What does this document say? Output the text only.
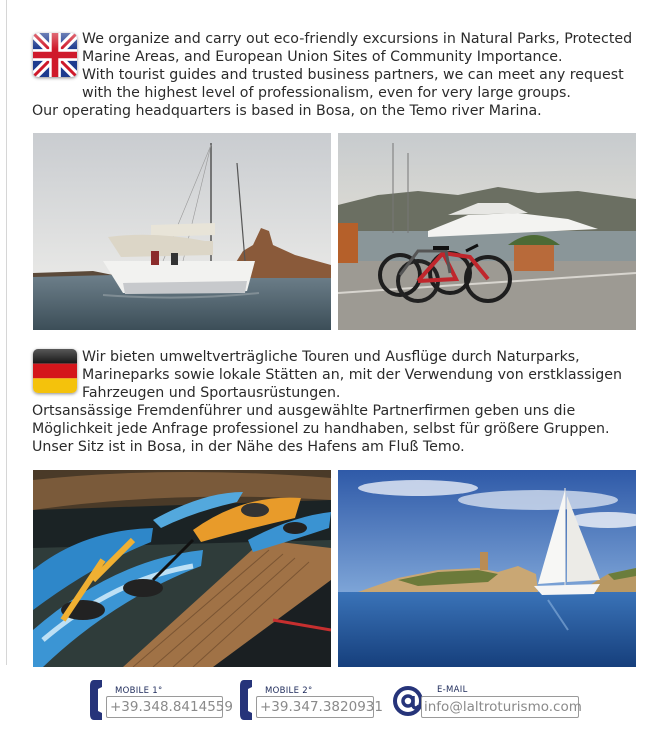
We organize and carry out eco-friendly excursions in Natural Parks, Protected Marine Areas, and European Union Sites of Community Importance.

With tourist guides and trusted business partners, we can meet any request with the highest level of professionalism, even for very large groups.

Our operating headquarters is based in Bosa, on the Temo river Marina.

Wir bieten umweltverträgliche Touren und Ausflüge durch Naturparks, Marineparks sowie lokale Stätten an, mit der Verwendung von erstklassigen Fahrzeugen und Sportausrüstungen.

Ortsansässige Fremdenführer und ausgewählte Partnerfirmen geben uns die Möglichkeit jede Anfrage professionel zu handhaben, selbst für größere Gruppen.

Unser Sitz ist in Bosa, in der Nähe des Hafens am Fluß Temo.

MOBILE 1°
+39.348.8414559
MOBILE 2°
+39.347.3820931
E-MAIL
info@laltroturismo.com
